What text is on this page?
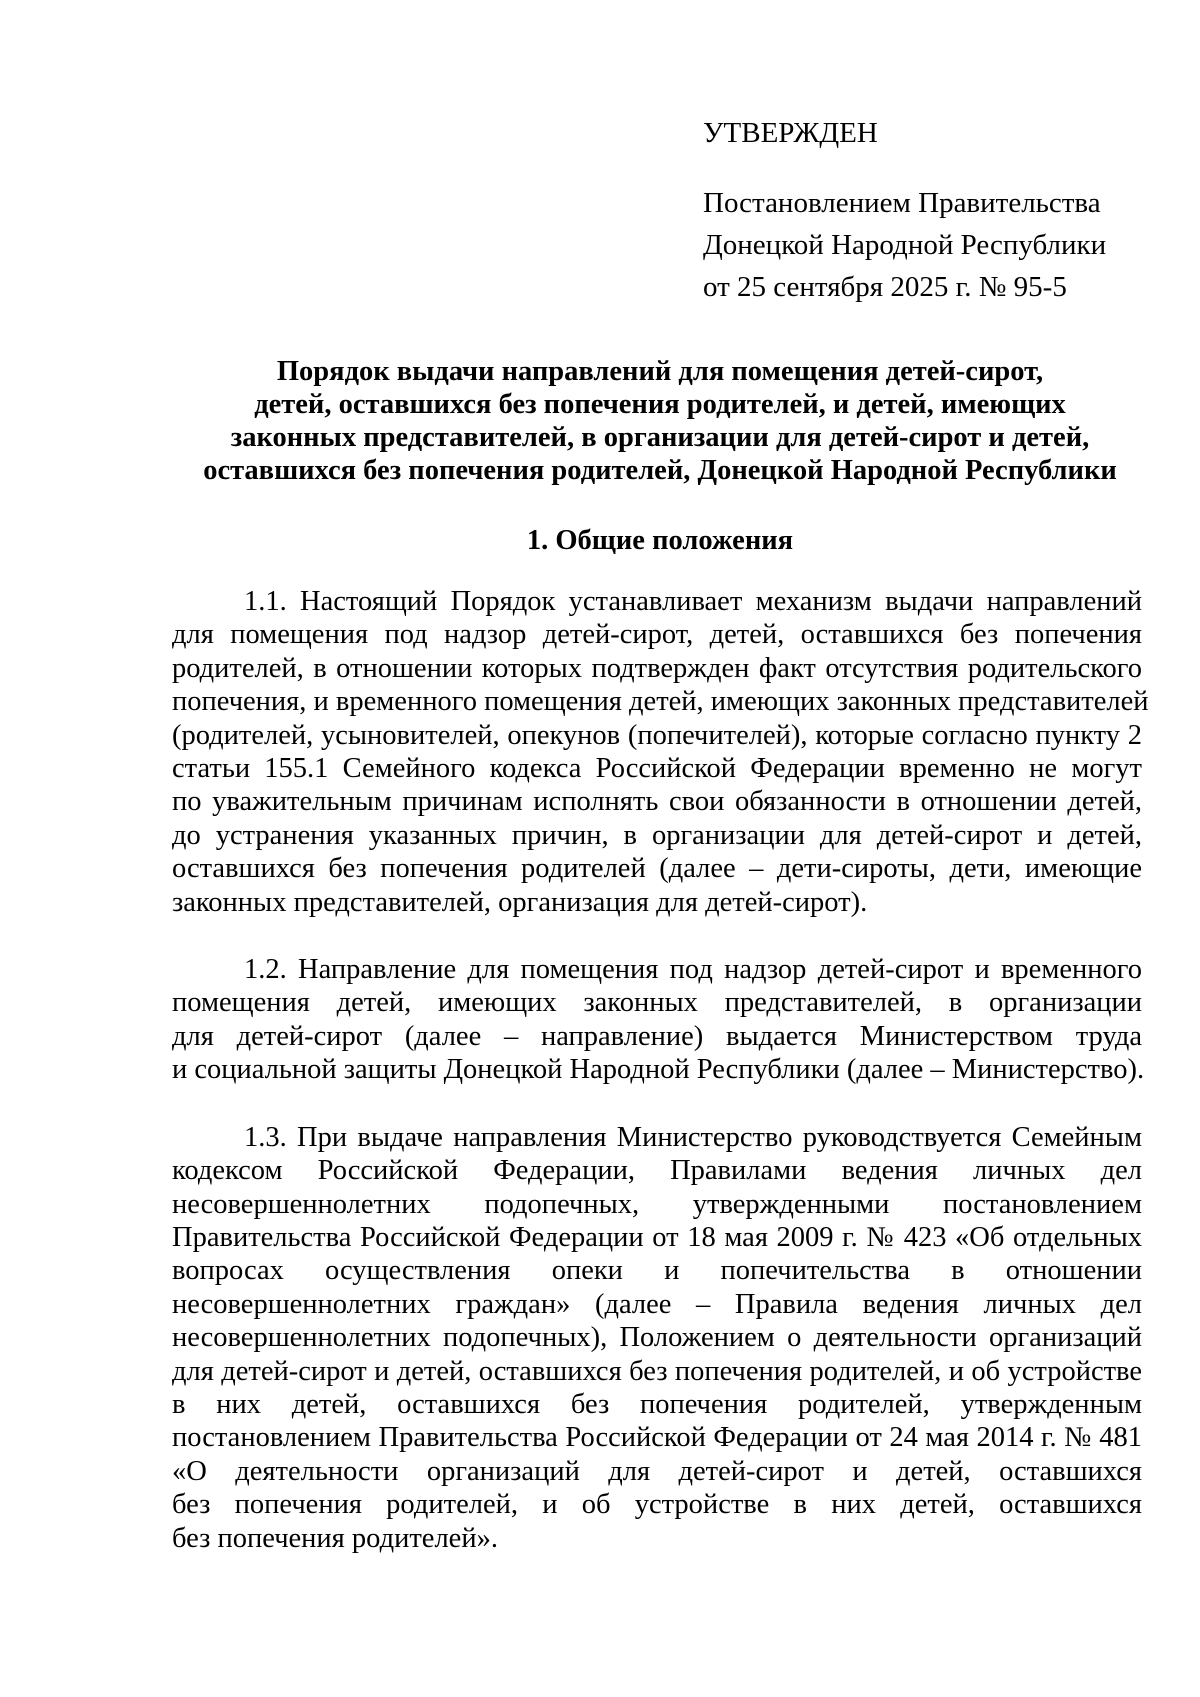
УТВЕРЖДЕН
Постановлением Правительства
Донецкой Народной Республики
от 25 сентября 2025 г. № 95-5
Порядок выдачи направлений для помещения детей-сирот,
детей, оставшихся без попечения родителей, и детей, имеющих
законных представителей, в организации для детей-сирот и детей,
оставшихся без попечения родителей, Донецкой Народной Республики
1. Общие положения
1.1. Настоящий Порядок устанавливает механизм выдачи направлений
для помещения под надзор детей-сирот, детей, оставшихся без попечения
родителей, в отношении которых подтвержден факт отсутствия родительского
попечения, и временного помещения детей, имеющих законных представителей
(родителей, усыновителей, опекунов (попечителей), которые согласно пункту 2
статьи 155.1 Семейного кодекса Российской Федерации временно не могут
по уважительным причинам исполнять свои обязанности в отношении детей,
до устранения указанных причин, в организации для детей-сирот и детей,
оставшихся без попечения родителей (далее – дети-сироты, дети, имеющие
законных представителей, организация для детей-сирот).
1.2. Направление для помещения под надзор детей-сирот и временного
помещения детей, имеющих законных представителей, в организации
для детей-сирот (далее – направление) выдается Министерством труда
и социальной защиты Донецкой Народной Республики (далее – Министерство).
1.3. При выдаче направления Министерство руководствуется Семейным
кодексом Российской Федерации, Правилами ведения личных дел
несовершеннолетних подопечных, утвержденными постановлением
Правительства Российской Федерации от 18 мая 2009 г. № 423 «Об отдельных
вопросах осуществления опеки и попечительства в отношении
несовершеннолетних граждан» (далее – Правила ведения личных дел
несовершеннолетних подопечных), Положением о деятельности организаций
для детей-сирот и детей, оставшихся без попечения родителей, и об устройстве
в них детей, оставшихся без попечения родителей, утвержденным
постановлением Правительства Российской Федерации от 24 мая 2014 г. № 481
«О деятельности организаций для детей-сирот и детей, оставшихся
без попечения родителей, и об устройстве в них детей, оставшихся
без попечения родителей».
